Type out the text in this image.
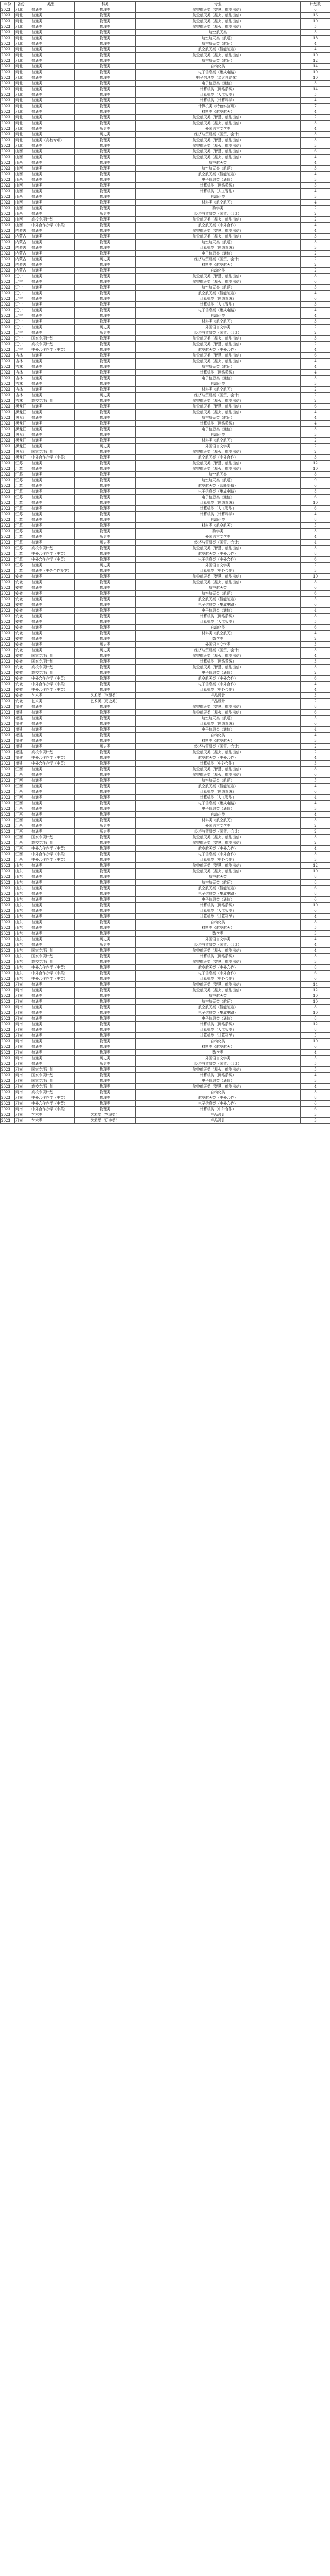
年份	省份	类型	科类	专业	计划数
2023	河北	普通类	物理类	航空航天类（智慧、航能出信）	6
2023	河北	普通类	物理类	航空航天类（星火、航能出信）	16
2023	河北	普通类	物理类	航空航天类（星火、航能出信）	10
2023	河北	普通类	物理类	航空航天类（星火、航能出信）	5
2023	河北	普通类	物理类	航空航天类	3
2023	河北	普通类	物理类	航空航天类（航运）	18
2023	河北	普通类	物理类	航空航天类（航运）	4
2023	河北	普通类	物理类	航空航天类（智能制造）	4
2023	河北	普通类	物理类	航空航天类（星火、航能出信）	10
2023	河北	普通类	物理类	航空航天类（航运）	12
2023	河北	普通类	物理类	自动化类	14
2023	河北	普通类	物理类	电子信息类（集成电路）	19
2023	河北	普通类	物理类	电子信息类（星火自动化）	10
2023	河北	普通类	物理类	电子信息类（通信）	3
2023	河北	普通类	物理类	计算机类（网络系统）	14
2023	河北	普通类	物理类	计算机类（人工智能）	5
2023	河北	普通类	物理类	计算机类（计算科学）	4
2023	河北	普通类	物理类	计算机类（特色实验班）	7
2023	河北	普通类	物理类	材料类（航空航天）	4
2023	河北	普通类	物理类	航空航天类（智慧、航能出信）	2
2023	河北	普通类	物理类	航空航天类（星火、航能出信）	3
2023	河北	普通类	历史类	外国语言文学类	4
2023	河北	普通类	历史类	经济与贸易类（国贸、会计）	3
2023	河北	普通类（高校专项）	物理类	航空航天类（智慧、航能出信）	3
2023	河北	普通类	物理类	航空航天类（星火、航能出信）	3
2023	山西	普通类	物理类	航空航天类（智慧、航能出信）	6
2023	山西	普通类	物理类	航空航天类（星火、航能出信）	4
2023	山西	普通类	物理类	航空航天类	4
2023	山西	普通类	物理类	航空航天类（航运）	3
2023	山西	普通类	物理类	航空航天类（智能制造）	4
2023	山西	普通类	物理类	电子信息类（通信）	3
2023	山西	普通类	物理类	计算机类（网络系统）	5
2023	山西	普通类	物理类	计算机类（人工智能）	4
2023	山西	普通类	物理类	自动化类	3
2023	山西	普通类	物理类	材料类（航空航天）	4
2023	山西	普通类	物理类	数学类	2
2023	山西	普通类	历史类	经济与贸易类（国贸、会计）	2
2023	山西	高校专项计划	物理类	航空航天类（星火、航能出信）	2
2023	山西	中外合作办学（中英）	物理类	航空航天类（中外合作）	4
2023	内蒙古	普通类	物理类	航空航天类（智慧、航能出信）	4
2023	内蒙古	普通类	物理类	航空航天类（星火、航能出信）	3
2023	内蒙古	普通类	物理类	航空航天类（航运）	3
2023	内蒙古	普通类	物理类	计算机类（网络系统）	3
2023	内蒙古	普通类	物理类	电子信息类（通信）	2
2023	内蒙古	普通类	历史类	经济与贸易类（国贸、会计）	2
2023	内蒙古	普通类	物理类	材料类（航空航天）	2
2023	内蒙古	普通类	物理类	自动化类	2
2023	辽宁	普通类	物理类	航空航天类（智慧、航能出信）	8
2023	辽宁	普通类	物理类	航空航天类（星火、航能出信）	6
2023	辽宁	普通类	物理类	航空航天类（航运）	5
2023	辽宁	普通类	物理类	航空航天类（智能制造）	4
2023	辽宁	普通类	物理类	计算机类（网络系统）	6
2023	辽宁	普通类	物理类	计算机类（人工智能）	3
2023	辽宁	普通类	物理类	电子信息类（集成电路）	4
2023	辽宁	普通类	物理类	自动化类	4
2023	辽宁	普通类	物理类	材料类（航空航天）	3
2023	辽宁	普通类	历史类	外国语言文学类	2
2023	辽宁	普通类	历史类	经济与贸易类（国贸、会计）	2
2023	辽宁	国家专项计划	物理类	航空航天类（星火、航能出信）	3
2023	辽宁	高校专项计划	物理类	航空航天类（智慧、航能出信）	2
2023	辽宁	中外合作办学（中英）	物理类	航空航天类（中外合作）	4
2023	吉林	普通类	物理类	航空航天类（智慧、航能出信）	6
2023	吉林	普通类	物理类	航空航天类（星火、航能出信）	4
2023	吉林	普通类	物理类	航空航天类（航运）	4
2023	吉林	普通类	物理类	计算机类（网络系统）	4
2023	吉林	普通类	物理类	电子信息类（通信）	3
2023	吉林	普通类	物理类	自动化类	3
2023	吉林	普通类	物理类	材料类（航空航天）	2
2023	吉林	普通类	历史类	经济与贸易类（国贸、会计）	2
2023	吉林	高校专项计划	物理类	航空航天类（星火、航能出信）	2
2023	黑龙江	普通类	物理类	航空航天类（智慧、航能出信）	6
2023	黑龙江	普通类	物理类	航空航天类（星火、航能出信）	4
2023	黑龙江	普通类	物理类	航空航天类（航运）	4
2023	黑龙江	普通类	物理类	计算机类（网络系统）	4
2023	黑龙江	普通类	物理类	电子信息类（通信）	3
2023	黑龙江	普通类	物理类	自动化类	3
2023	黑龙江	普通类	物理类	材料类（航空航天）	2
2023	黑龙江	普通类	历史类	外国语言文学类	2
2023	黑龙江	国家专项计划	物理类	航空航天类（星火、航能出信）	2
2023	黑龙江	中外合作办学（中英）	物理类	航空航天类（中外合作）	3
2023	江苏	普通类	物理类	航空航天类（智慧、航能出信）	12
2023	江苏	普通类	物理类	航空航天类（星火、航能出信）	10
2023	江苏	普通类	物理类	航空航天类	8
2023	江苏	普通类	物理类	航空航天类（航运）	9
2023	江苏	普通类	物理类	航空航天类（智能制造）	6
2023	江苏	普通类	物理类	电子信息类（集成电路）	8
2023	江苏	普通类	物理类	电子信息类（通信）	6
2023	江苏	普通类	物理类	计算机类（网络系统）	10
2023	江苏	普通类	物理类	计算机类（人工智能）	6
2023	江苏	普通类	物理类	计算机类（计算科学）	4
2023	江苏	普通类	物理类	自动化类	8
2023	江苏	普通类	物理类	材料类（航空航天）	5
2023	江苏	普通类	物理类	数学类	3
2023	江苏	普通类	历史类	外国语言文学类	4
2023	江苏	普通类	历史类	经济与贸易类（国贸、会计）	4
2023	江苏	高校专项计划	物理类	航空航天类（智慧、航能出信）	3
2023	江苏	中外合作办学（中英）	物理类	航空航天类（中外合作）	8
2023	江苏	中外合作办学（中英）	物理类	电子信息类（中外合作）	6
2023	江苏	普通类	历史类	外国语言文学类	2
2023	江苏	普通类（中外合作办学）	物理类	计算机类（中外合作）	3
2023	安徽	普通类	物理类	航空航天类（智慧、航能出信）	10
2023	安徽	普通类	物理类	航空航天类（星火、航能出信）	8
2023	安徽	普通类	物理类	航空航天类	6
2023	安徽	普通类	物理类	航空航天类（航运）	6
2023	安徽	普通类	物理类	航空航天类（智能制造）	5
2023	安徽	普通类	物理类	电子信息类（集成电路）	6
2023	安徽	普通类	物理类	电子信息类（通信）	4
2023	安徽	普通类	物理类	计算机类（网络系统）	8
2023	安徽	普通类	物理类	计算机类（人工智能）	5
2023	安徽	普通类	物理类	自动化类	6
2023	安徽	普通类	物理类	材料类（航空航天）	4
2023	安徽	普通类	物理类	数学类	2
2023	安徽	普通类	历史类	外国语言文学类	3
2023	安徽	普通类	历史类	经济与贸易类（国贸、会计）	3
2023	安徽	国家专项计划	物理类	航空航天类（星火、航能出信）	4
2023	安徽	国家专项计划	物理类	计算机类（网络系统）	3
2023	安徽	高校专项计划	物理类	航空航天类（智慧、航能出信）	3
2023	安徽	高校专项计划	物理类	电子信息类（通信）	2
2023	安徽	中外合作办学（中英）	物理类	航空航天类（中外合作）	6
2023	安徽	中外合作办学（中英）	物理类	电子信息类（中外合作）	4
2023	安徽	中外合作办学（中英）	物理类	计算机类（中外合作）	4
2023	安徽	艺术类	艺术类（物理类）	产品设计	3
2023	安徽	艺术类	艺术类（历史类）	产品设计	2
2023	福建	普通类	物理类	航空航天类（智慧、航能出信）	8
2023	福建	普通类	物理类	航空航天类（星火、航能出信）	6
2023	福建	普通类	物理类	航空航天类（航运）	5
2023	福建	普通类	物理类	计算机类（网络系统）	6
2023	福建	普通类	物理类	电子信息类（通信）	4
2023	福建	普通类	物理类	自动化类	4
2023	福建	普通类	物理类	材料类（航空航天）	3
2023	福建	普通类	历史类	经济与贸易类（国贸、会计）	2
2023	福建	高校专项计划	物理类	航空航天类（星火、航能出信）	2
2023	福建	中外合作办学（中英）	物理类	航空航天类（中外合作）	4
2023	福建	中外合作办学（中英）	物理类	计算机类（中外合作）	3
2023	江西	普通类	物理类	航空航天类（智慧、航能出信）	8
2023	江西	普通类	物理类	航空航天类（星火、航能出信）	6
2023	江西	普通类	物理类	航空航天类（航运）	5
2023	江西	普通类	物理类	航空航天类（智能制造）	4
2023	江西	普通类	物理类	计算机类（网络系统）	6
2023	江西	普通类	物理类	计算机类（人工智能）	4
2023	江西	普通类	物理类	电子信息类（集成电路）	4
2023	江西	普通类	物理类	电子信息类（通信）	3
2023	江西	普通类	物理类	自动化类	4
2023	江西	普通类	物理类	材料类（航空航天）	3
2023	江西	普通类	历史类	外国语言文学类	2
2023	江西	普通类	历史类	经济与贸易类（国贸、会计）	2
2023	江西	国家专项计划	物理类	航空航天类（星火、航能出信）	3
2023	江西	高校专项计划	物理类	航空航天类（智慧、航能出信）	2
2023	江西	中外合作办学（中英）	物理类	航空航天类（中外合作）	4
2023	江西	中外合作办学（中英）	物理类	电子信息类（中外合作）	3
2023	江西	中外合作办学（中英）	物理类	计算机类（中外合作）	3
2023	山东	普通类	物理类	航空航天类（智慧、航能出信）	12
2023	山东	普通类	物理类	航空航天类（星火、航能出信）	10
2023	山东	普通类	物理类	航空航天类	8
2023	山东	普通类	物理类	航空航天类（航运）	8
2023	山东	普通类	物理类	航空航天类（智能制造）	6
2023	山东	普通类	物理类	电子信息类（集成电路）	8
2023	山东	普通类	物理类	电子信息类（通信）	6
2023	山东	普通类	物理类	计算机类（网络系统）	10
2023	山东	普通类	物理类	计算机类（人工智能）	6
2023	山东	普通类	物理类	计算机类（计算科学）	4
2023	山东	普通类	物理类	自动化类	8
2023	山东	普通类	物理类	材料类（航空航天）	5
2023	山东	普通类	物理类	数学类	3
2023	山东	普通类	历史类	外国语言文学类	4
2023	山东	普通类	历史类	经济与贸易类（国贸、会计）	4
2023	山东	国家专项计划	物理类	航空航天类（星火、航能出信）	4
2023	山东	国家专项计划	物理类	计算机类（网络系统）	3
2023	山东	高校专项计划	物理类	航空航天类（智慧、航能出信）	3
2023	山东	中外合作办学（中英）	物理类	航空航天类（中外合作）	8
2023	山东	中外合作办学（中英）	物理类	电子信息类（中外合作）	6
2023	山东	中外合作办学（中英）	物理类	计算机类（中外合作）	6
2023	河南	普通类	物理类	航空航天类（智慧、航能出信）	14
2023	河南	普通类	物理类	航空航天类（星火、航能出信）	12
2023	河南	普通类	物理类	航空航天类	10
2023	河南	普通类	物理类	航空航天类（航运）	10
2023	河南	普通类	物理类	航空航天类（智能制造）	8
2023	河南	普通类	物理类	电子信息类（集成电路）	10
2023	河南	普通类	物理类	电子信息类（通信）	8
2023	河南	普通类	物理类	计算机类（网络系统）	12
2023	河南	普通类	物理类	计算机类（人工智能）	8
2023	河南	普通类	物理类	计算机类（计算科学）	5
2023	河南	普通类	物理类	自动化类	10
2023	河南	普通类	物理类	材料类（航空航天）	6
2023	河南	普通类	物理类	数学类	4
2023	河南	普通类	历史类	外国语言文学类	5
2023	河南	普通类	历史类	经济与贸易类（国贸、会计）	5
2023	河南	国家专项计划	物理类	航空航天类（星火、航能出信）	5
2023	河南	国家专项计划	物理类	计算机类（网络系统）	4
2023	河南	国家专项计划	物理类	电子信息类（通信）	3
2023	河南	高校专项计划	物理类	航空航天类（智慧、航能出信）	4
2023	河南	高校专项计划	物理类	自动化类	3
2023	河南	中外合作办学（中英）	物理类	航空航天类（中外合作）	8
2023	河南	中外合作办学（中英）	物理类	电子信息类（中外合作）	6
2023	河南	中外合作办学（中英）	物理类	计算机类（中外合作）	6
2023	河南	艺术类	艺术类（物理类）	产品设计	3
2023	河南	艺术类	艺术类（历史类）	产品设计	3
